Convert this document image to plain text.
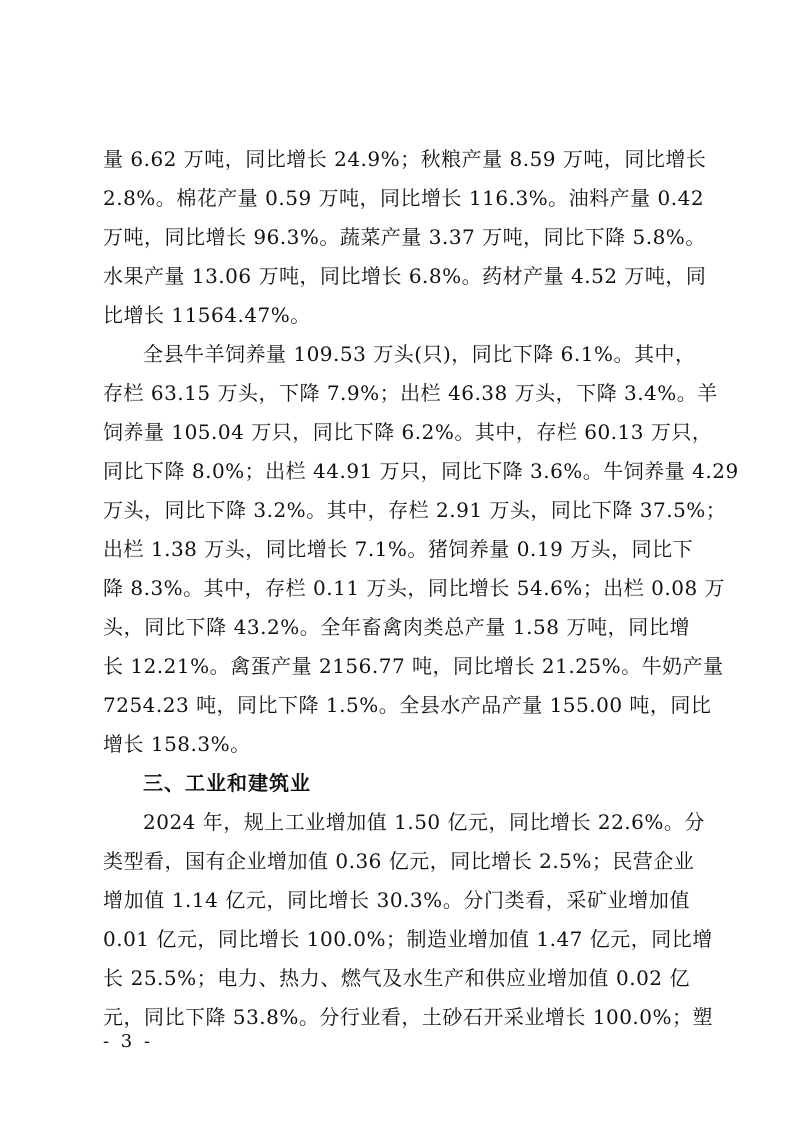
量 6.62 万吨，同比增长 24.9%；秋粮产量 8.59 万吨，同比增长
2.8%。棉花产量 0.59 万吨，同比增长 116.3%。油料产量 0.42
万吨，同比增长 96.3%。蔬菜产量 3.37 万吨，同比下降 5.8%。
水果产量 13.06 万吨，同比增长 6.8%。药材产量 4.52 万吨，同
比增长 11564.47%。
全县牛羊饲养量 109.53 万头(只)，同比下降 6.1%。其中，
存栏 63.15 万头，下降 7.9%；出栏 46.38 万头，下降 3.4%。羊
饲养量 105.04 万只，同比下降 6.2%。其中，存栏 60.13 万只，
同比下降 8.0%；出栏 44.91 万只，同比下降 3.6%。牛饲养量 4.29
万头，同比下降 3.2%。其中，存栏 2.91 万头，同比下降 37.5%；
出栏 1.38 万头，同比增长 7.1%。猪饲养量 0.19 万头，同比下
降 8.3%。其中，存栏 0.11 万头，同比增长 54.6%；出栏 0.08 万
头，同比下降 43.2%。全年畜禽肉类总产量 1.58 万吨，同比增
长 12.21%。禽蛋产量 2156.77 吨，同比增长 21.25%。牛奶产量
7254.23 吨，同比下降 1.5%。全县水产品产量 155.00 吨，同比
增长 158.3%。
三、工业和建筑业
2024 年，规上工业增加值 1.50 亿元，同比增长 22.6%。分
类型看，国有企业增加值 0.36 亿元，同比增长 2.5%；民营企业
增加值 1.14 亿元，同比增长 30.3%。分门类看，采矿业增加值
0.01 亿元，同比增长 100.0%；制造业增加值 1.47 亿元，同比增
长 25.5%；电力、热力、燃气及水生产和供应业增加值 0.02 亿
元，同比下降 53.8%。分行业看，土砂石开采业增长 100.0%；塑
- 3 -
